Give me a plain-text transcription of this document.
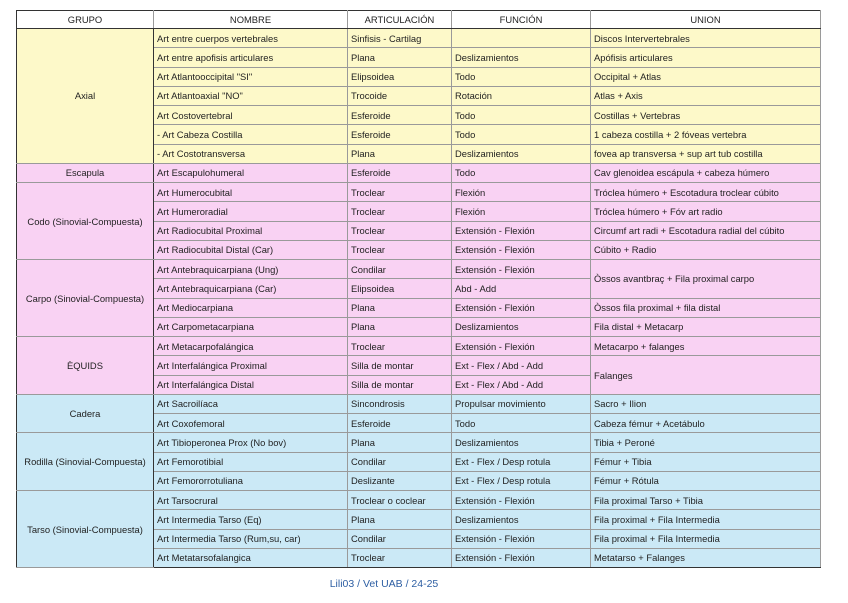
GRUPO	NOMBRE	ARTICULACIÓN	FUNCIÓN	UNION
Axial	Art entre cuerpos vertebrales	Sinfisis - Cartilag		Discos Intervertebrales
	Art entre apofisis articulares	Plana	Deslizamientos	Apófisis articulares
	Art Atlantooccipital "SI"	Elipsoidea	Todo	Occipital + Atlas
	Art Atlantoaxial "NO"	Trocoide	Rotación	Atlas + Axis
	Art Costovertebral	Esferoide	Todo	Costillas + Vertebras
	- Art Cabeza Costilla	Esferoide	Todo	1 cabeza costilla + 2 fóveas vertebra
	- Art Costotransversa	Plana	Deslizamientos	fovea ap transversa + sup art tub costilla
Escapula	Art Escapulohumeral	Esferoide	Todo	Cav glenoidea escápula + cabeza húmero
Codo (Sinovial-Compuesta)	Art Humerocubital	Troclear	Flexión	Tróclea húmero + Escotadura troclear cúbito
	Art Humeroradial	Troclear	Flexión	Tróclea húmero + Fóv art radio
	Art Radiocubital Proximal	Troclear	Extensión - Flexión	Circumf art radi + Escotadura radial del cúbito
	Art Radiocubital Distal (Car)	Troclear	Extensión - Flexión	Cúbito + Radio
Carpo (Sinovial-Compuesta)	Art Antebraquicarpiana (Ung)	Condilar	Extensión - Flexión	Òssos avantbraç + Fila proximal carpo
	Art Antebraquicarpiana (Car)	Elipsoidea	Abd - Add	
	Art Mediocarpiana	Plana	Extensión - Flexión	Òssos fila proximal + fila distal
	Art Carpometacarpiana	Plana	Deslizamientos	Fila distal + Metacarp
ÈQUIDS	Art Metacarpofalángica	Troclear	Extensión - Flexión	Metacarpo + falanges
	Art Interfalángica Proximal	Silla de montar	Ext - Flex / Abd - Add	Falanges
	Art Interfalángica Distal	Silla de montar	Ext - Flex / Abd - Add	
Cadera	Art Sacroilíaca	Sincondrosis	Propulsar movimiento	Sacro + Ilion
	Art Coxofemoral	Esferoide	Todo	Cabeza fémur + Acetábulo
Rodilla (Sinovial-Compuesta)	Art Tibioperonea Prox (No bov)	Plana	Deslizamientos	Tibia + Peroné
	Art Femorotibial	Condilar	Ext - Flex / Desp rotula	Fémur + Tibia
	Art Femororrotuliana	Deslizante	Ext - Flex / Desp rotula	Fémur + Rótula
Tarso (Sinovial-Compuesta)	Art Tarsocrural	Troclear o coclear	Extensión - Flexión	Fila proximal Tarso + Tibia
	Art Intermedia Tarso (Eq)	Plana	Deslizamientos	Fila proximal + Fila Intermedia
	Art Intermedia Tarso (Rum,su, car)	Condilar	Extensión - Flexión	Fila proximal + Fila Intermedia
	Art Metatarsofalangica	Troclear	Extensión - Flexión	Metatarso + Falanges
Lili03 / Vet UAB / 24-25
